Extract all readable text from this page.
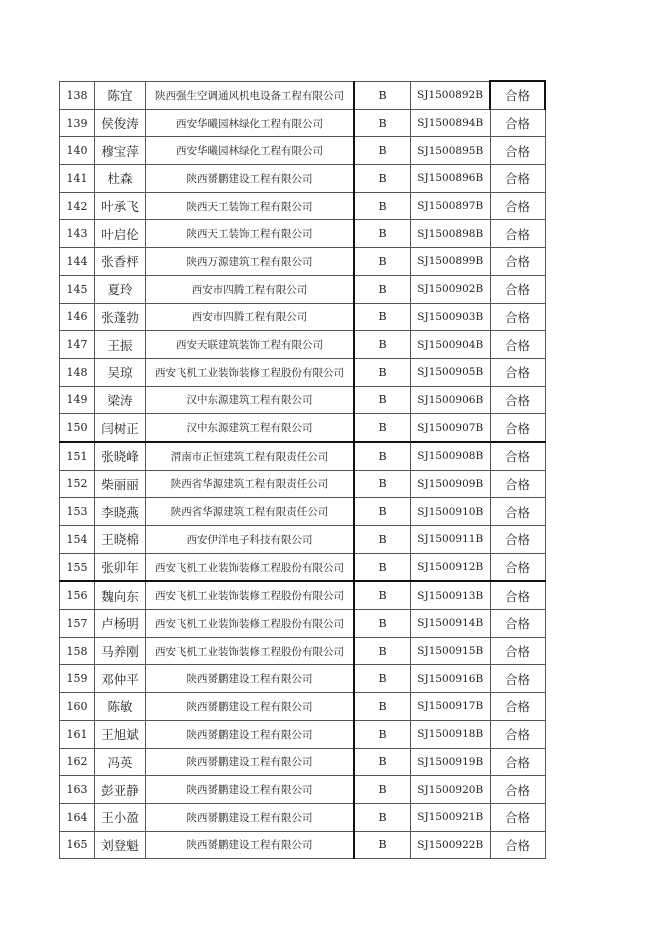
138	陈宜	陕西强生空调通风机电设备工程有限公司	B	SJ1500892B	合格
139	侯俊涛	西安华曦园林绿化工程有限公司	B	SJ1500894B	合格
140	穆宝萍	西安华曦园林绿化工程有限公司	B	SJ1500895B	合格
141	杜森	陕西赟鹏建设工程有限公司	B	SJ1500896B	合格
142	叶承飞	陕西天工装饰工程有限公司	B	SJ1500897B	合格
143	叶启伦	陕西天工装饰工程有限公司	B	SJ1500898B	合格
144	张香枰	陕西万源建筑工程有限公司	B	SJ1500899B	合格
145	夏玲	西安市四腾工程有限公司	B	SJ1500902B	合格
146	张蓬勃	西安市四腾工程有限公司	B	SJ1500903B	合格
147	王振	西安天联建筑装饰工程有限公司	B	SJ1500904B	合格
148	吴琼	西安飞机工业装饰装修工程股份有限公司	B	SJ1500905B	合格
149	梁涛	汉中东源建筑工程有限公司	B	SJ1500906B	合格
150	闫树正	汉中东源建筑工程有限公司	B	SJ1500907B	合格
151	张晓峰	渭南市正恒建筑工程有限责任公司	B	SJ1500908B	合格
152	柴丽丽	陕西省华源建筑工程有限责任公司	B	SJ1500909B	合格
153	李晓燕	陕西省华源建筑工程有限责任公司	B	SJ1500910B	合格
154	王晓棉	西安伊洋电子科技有限公司	B	SJ1500911B	合格
155	张卯年	西安飞机工业装饰装修工程股份有限公司	B	SJ1500912B	合格
156	魏向东	西安飞机工业装饰装修工程股份有限公司	B	SJ1500913B	合格
157	卢杨明	西安飞机工业装饰装修工程股份有限公司	B	SJ1500914B	合格
158	马养刚	西安飞机工业装饰装修工程股份有限公司	B	SJ1500915B	合格
159	邓仲平	陕西赟鹏建设工程有限公司	B	SJ1500916B	合格
160	陈敏	陕西赟鹏建设工程有限公司	B	SJ1500917B	合格
161	王旭斌	陕西赟鹏建设工程有限公司	B	SJ1500918B	合格
162	冯英	陕西赟鹏建设工程有限公司	B	SJ1500919B	合格
163	彭亚静	陕西赟鹏建设工程有限公司	B	SJ1500920B	合格
164	王小盈	陕西赟鹏建设工程有限公司	B	SJ1500921B	合格
165	刘登魁	陕西赟鹏建设工程有限公司	B	SJ1500922B	合格
